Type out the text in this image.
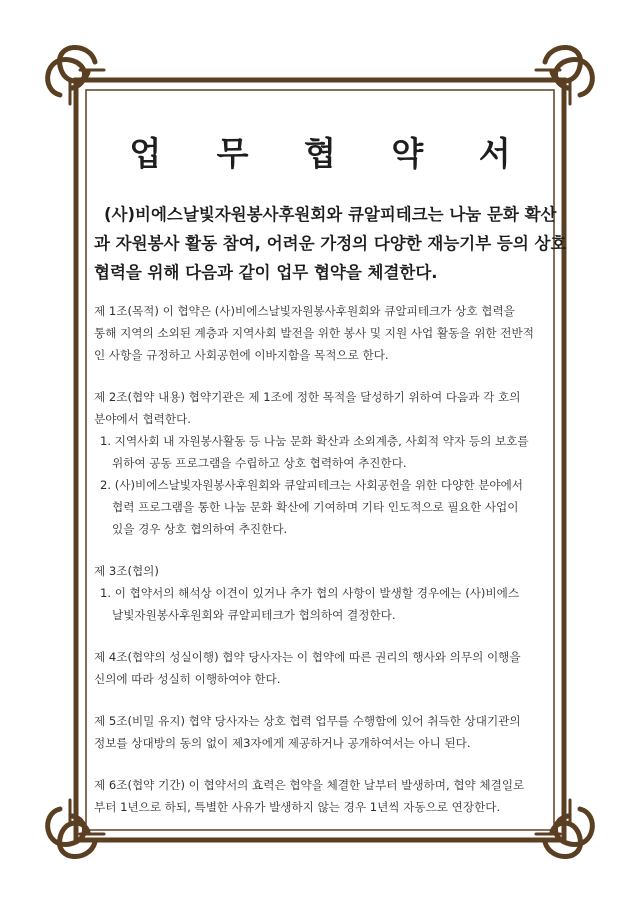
업 무 협 약 서
(사)비에스날빛자원봉사후원회와 큐알피테크는 나눔 문화 확산
과 자원봉사 활동 참여, 어려운 가정의 다양한 재능기부 등의 상호
협력을 위해 다음과 같이 업무 협약을 체결한다.
제 1조(목적) 이 협약은 (사)비에스날빛자원봉사후원회와 큐알피테크가 상호 협력을
통해 지역의 소외된 계층과 지역사회 발전을 위한 봉사 및 지원 사업 활동을 위한 전반적
인 사항을 규정하고 사회공헌에 이바지함을 목적으로 한다.
제 2조(협약 내용) 협약기관은 제 1조에 정한 목적을 달성하기 위하여 다음과 각 호의
분야에서 협력한다.
1. 지역사회 내 자원봉사활동 등 나눔 문화 확산과 소외계층, 사회적 약자 등의 보호를
위하여 공동 프로그램을 수립하고 상호 협력하여 추진한다.
2. (사)비에스날빛자원봉사후원회와 큐알피테크는 사회공헌을 위한 다양한 분야에서
협력 프로그램을 통한 나눔 문화 확산에 기여하며 기타 인도적으로 필요한 사업이
있을 경우 상호 협의하여 추진한다.
제 3조(협의)
1. 이 협약서의 해석상 이견이 있거나 추가 협의 사항이 발생할 경우에는 (사)비에스
날빛자원봉사후원회와 큐알피테크가 협의하여 결정한다.
제 4조(협약의 성실이행) 협약 당사자는 이 협약에 따른 권리의 행사와 의무의 이행을
신의에 따라 성실히 이행하여야 한다.
제 5조(비밀 유지) 협약 당사자는 상호 협력 업무를 수행함에 있어 취득한 상대기관의
정보를 상대방의 동의 없이 제3자에게 제공하거나 공개하여서는 아니 된다.
제 6조(협약 기간) 이 협약서의 효력은 협약을 체결한 날부터 발생하며, 협약 체결일로
부터 1년으로 하되, 특별한 사유가 발생하지 않는 경우 1년씩 자동으로 연장한다.
